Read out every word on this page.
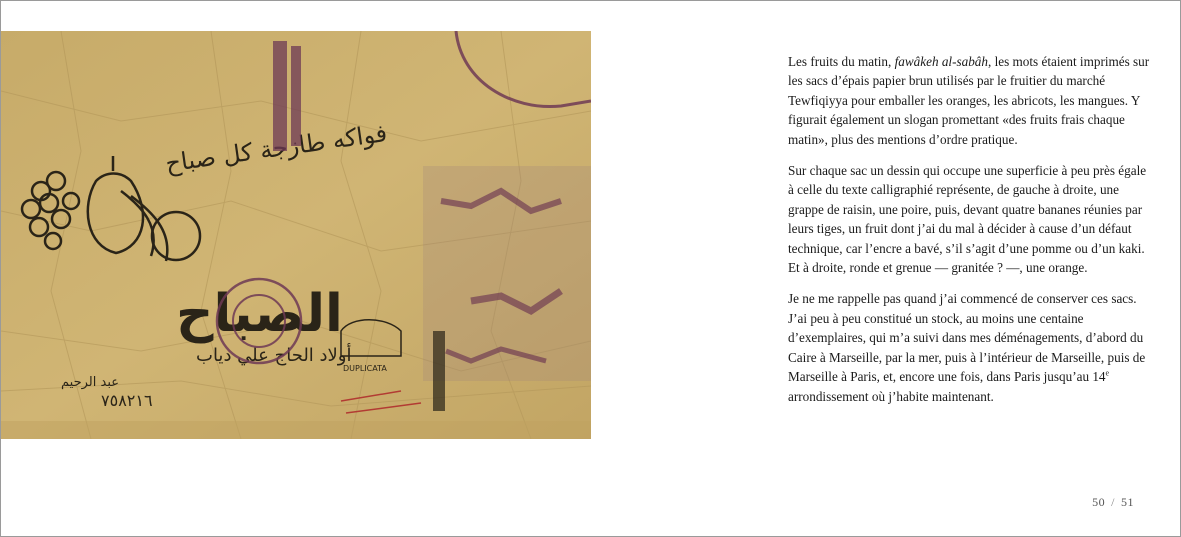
فواكه طازجة كل صباح
الصباح
أولاد الحاج علي دياب
عبد الرحيم
٧٥٨٢١٦
DUPLICATA

Les fruits du matin, fawâkeh al-sabâh, les mots étaient imprimés sur les sacs d’épais papier brun utilisés par le fruitier du marché Tewfiqiyya pour emballer les oranges, les abricots, les mangues. Y figurait également un slogan promettant «des fruits frais chaque matin», plus des mentions d’ordre pratique.

Sur chaque sac un dessin qui occupe une superficie à peu près égale à celle du texte calligraphié représente, de gauche à droite, une grappe de raisin, une poire, puis, devant quatre bananes réunies par leurs tiges, un fruit dont j’ai du mal à décider à cause d’un défaut technique, car l’encre a bavé, s’il s’agit d’une pomme ou d’un kaki. Et à droite, ronde et grenue — granitée ? —, une orange.

Je ne me rappelle pas quand j’ai commencé de conserver ces sacs. J’ai peu à peu constitué un stock, au moins une centaine d’exemplaires, qui m’a suivi dans mes déménagements, d’abord du Caire à Marseille, par la mer, puis à l’intérieur de Marseille, puis de Marseille à Paris, et, encore une fois, dans Paris jusqu’au 14e arrondissement où j’habite maintenant.

50 / 51
